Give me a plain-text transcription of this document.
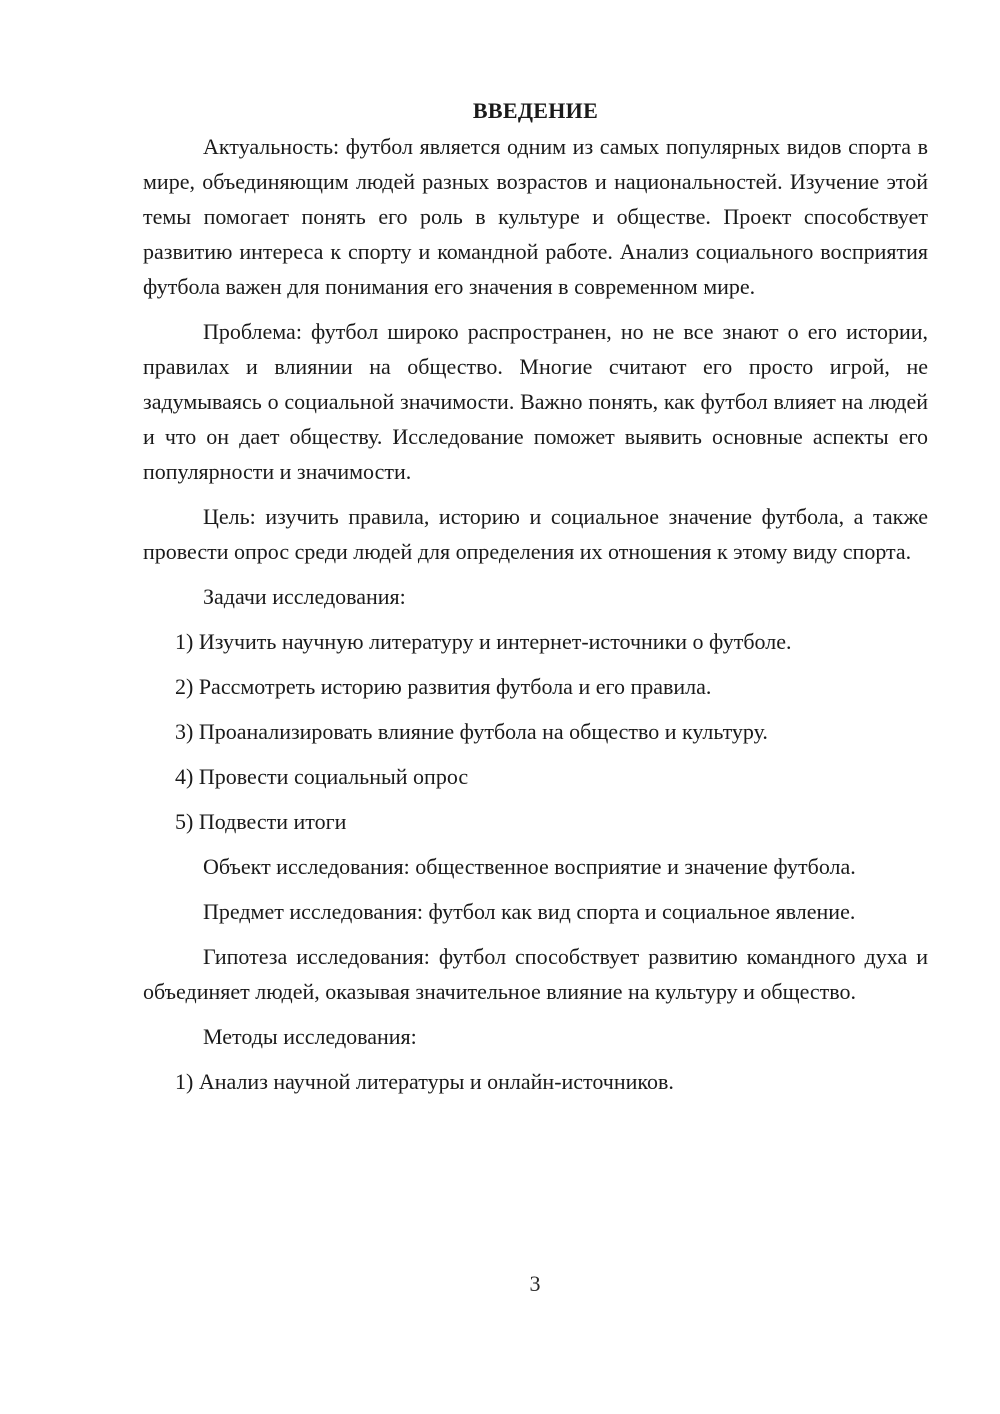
ВВЕДЕНИЕ

Актуальность: футбол является одним из самых популярных видов спорта в мире, объединяющим людей разных возрастов и национальностей. Изучение этой темы помогает понять его роль в культуре и обществе. Проект способствует развитию интереса к спорту и командной работе. Анализ социального восприятия футбола важен для понимания его значения в современном мире.

Проблема: футбол широко распространен, но не все знают о его истории, правилах и влиянии на общество. Многие считают его просто игрой, не задумываясь о социальной значимости. Важно понять, как футбол влияет на людей и что он дает обществу. Исследование поможет выявить основные аспекты его популярности и значимости.

Цель: изучить правила, историю и социальное значение футбола, а также провести опрос среди людей для определения их отношения к этому виду спорта.

Задачи исследования:

1) Изучить научную литературу и интернет-источники о футболе.
2) Рассмотреть историю развития футбола и его правила.
3) Проанализировать влияние футбола на общество и культуру.
4) Провести социальный опрос
5) Подвести итоги

Объект исследования: общественное восприятие и значение футбола.

Предмет исследования: футбол как вид спорта и социальное явление.

Гипотеза исследования: футбол способствует развитию командного духа и объединяет людей, оказывая значительное влияние на культуру и общество.

Методы исследования:

1) Анализ научной литературы и онлайн-источников.
3
